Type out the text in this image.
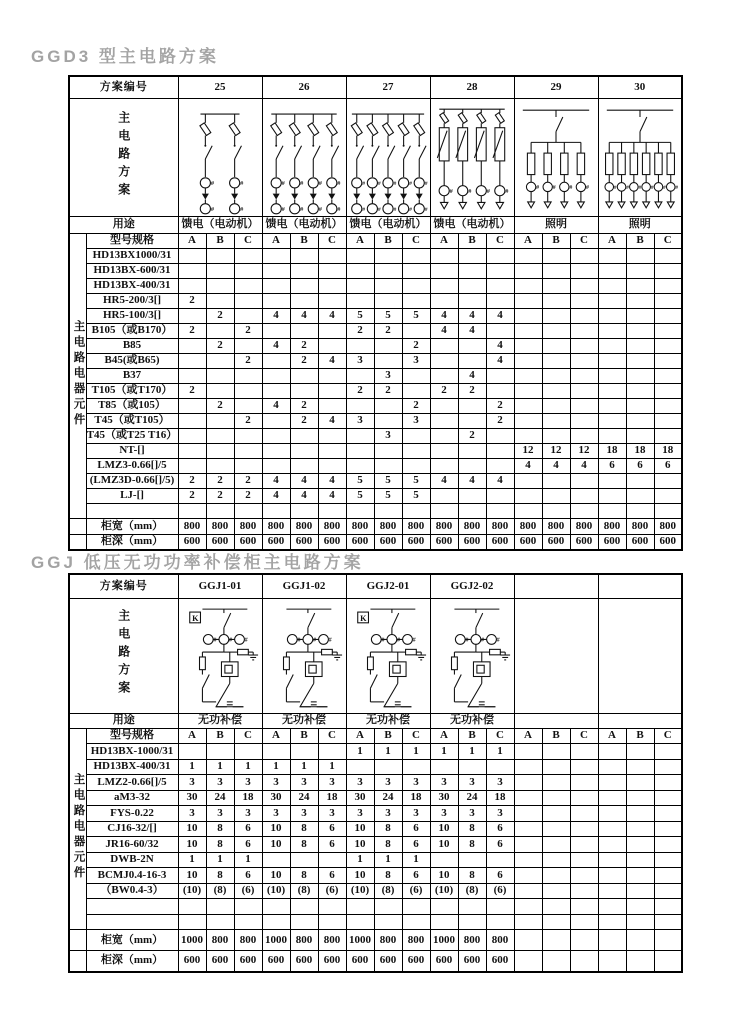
GGD3 型主电路方案
方案编号		25			26			27			28			29			30		
主电路方案	#
#
#
#

#
#
#
#
#
#
#
#

#
#
#
#
#
#
#
#
#
#

# # # #	# # # #	# # # # # #

用途		馈电（电动机）			馈电（电动机）			馈电（电动机）			馈电（电动机）			照明			照明		
主电路电器元件	型号规格	A	B	C	A	B	C	A	B	C	A	B	C	A	B	C	A	B	C
	HD13BX1000/31																		
	HD13BX-600/31																		
	HD13BX-400/31																		
	HR5-200/3[]	2																	
	HR5-100/3[]		2		4	4	4	5	5	5	4	4	4						
	B105（或B170）	2		2				2	2		4	4							
	B85		2		4	2				2			4						
	B45(或B65)			2		2	4	3		3			4						
	B37								3			4							
	T105（或T170）	2						2	2		2	2							
	T85（或105）		2		4	2				2			2						
	T45（或T105）			2		2	4	3		3			2						
	T45（或T25 T16）								3			2							
	NT-[]													12	12	12	18	18	18
	LMZ3-0.66[]/5													4	4	4	6	6	6
	(LMZ3D-0.66[]/5)	2	2	2	4	4	4	5	5	5	4	4	4						
	LJ-[]	2	2	2	4	4	4	5	5	5									

	柜宽（mm）	800	800	800	800	800	800	800	800	800	800	800	800	800	800	800	800	800	800
	柜深（mm）	600	600	600	600	600	600	600	600	600	600	600	600	600	600	600	600	600	600
GGJ 低压无功功率补偿柜主电路方案
方案编号		GGJ1-01			GGJ1-02			GGJ2-01			GGJ2-02								
主电路方案		K
# # #			# # #			K
# # #			# # #								

用途		无功补偿			无功补偿			无功补偿			无功补偿								
主电路电器元件	型号规格	A	B	C	A	B	C	A	B	C	A	B	C	A	B	C	A	B	C
	HD13BX-1000/31							1	1	1	1	1	1						
	HD13BX-400/31	1	1	1	1	1	1												
	LMZ2-0.66[]/5	3	3	3	3	3	3	3	3	3	3	3	3						
	aM3-32	30	24	18	30	24	18	30	24	18	30	24	18						
	FYS-0.22	3	3	3	3	3	3	3	3	3	3	3	3						
	CJ16-32/[]	10	8	6	10	8	6	10	8	6	10	8	6						
	JR16-60/32	10	8	6	10	8	6	10	8	6	10	8	6						
	DWB-2N	1	1	1				1	1	1									
	BCMJ0.4-16-3	10	8	6	10	8	6	10	8	6	10	8	6						
	（BW0.4-3）	(10)	(8)	(6)	(10)	(8)	(6)	(10)	(8)	(6)	(10)	(8)	(6)						

	柜宽（mm）	1000	800	800	1000	800	800	1000	800	800	1000	800	800						
	柜深（mm）	600	600	600	600	600	600	600	600	600	600	600	600						
